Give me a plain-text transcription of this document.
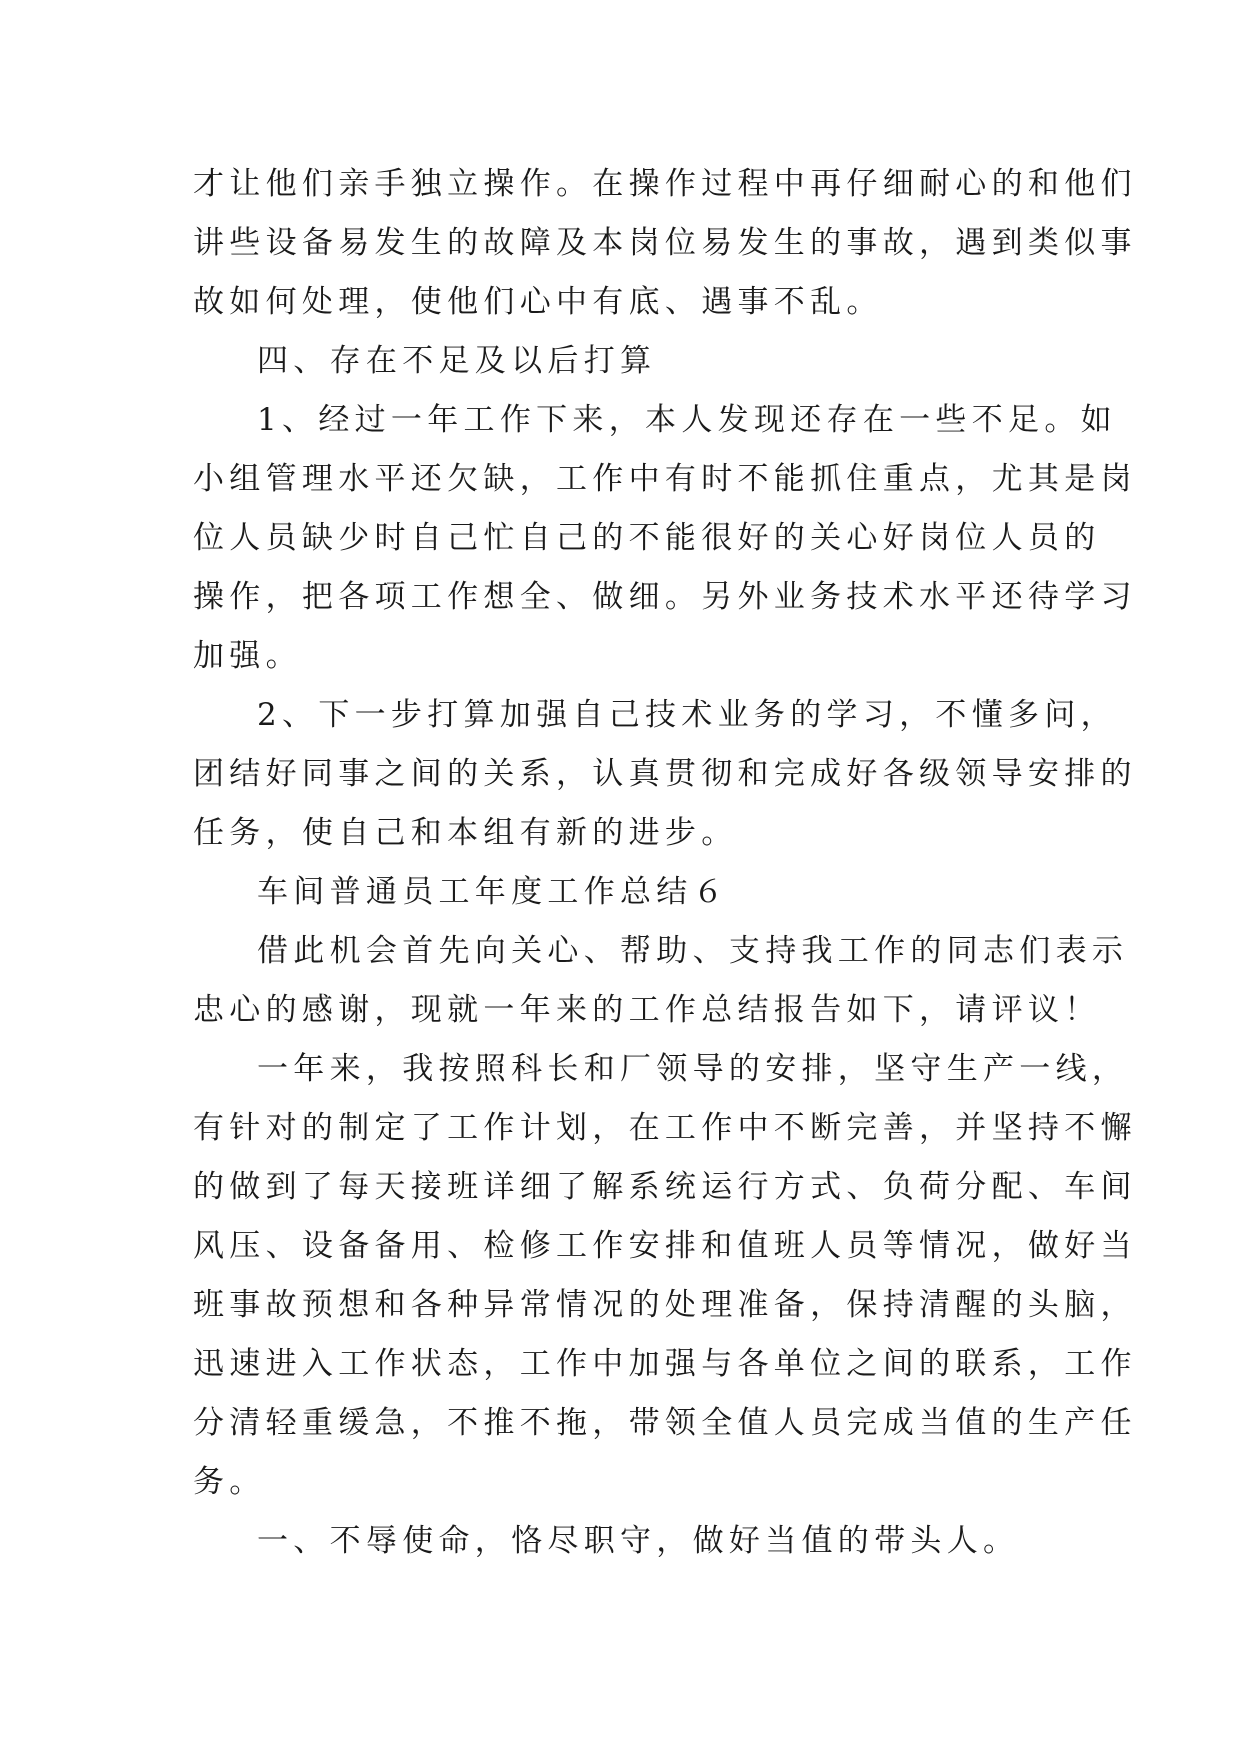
才让他们亲手独立操作。在操作过程中再仔细耐心的和他们
讲些设备易发生的故障及本岗位易发生的事故，遇到类似事
故如何处理，使他们心中有底、遇事不乱。
四、存在不足及以后打算
1、经过一年工作下来，本人发现还存在一些不足。如
小组管理水平还欠缺，工作中有时不能抓住重点，尤其是岗
位人员缺少时自己忙自己的不能很好的关心好岗位人员的
操作，把各项工作想全、做细。另外业务技术水平还待学习
加强。
2、下一步打算加强自己技术业务的学习，不懂多问，
团结好同事之间的关系，认真贯彻和完成好各级领导安排的
任务，使自己和本组有新的进步。
车间普通员工年度工作总结６
借此机会首先向关心、帮助、支持我工作的同志们表示
忠心的感谢，现就一年来的工作总结报告如下，请评议！
一年来，我按照科长和厂领导的安排，坚守生产一线，
有针对的制定了工作计划，在工作中不断完善，并坚持不懈
的做到了每天接班详细了解系统运行方式、负荷分配、车间
风压、设备备用、检修工作安排和值班人员等情况，做好当
班事故预想和各种异常情况的处理准备，保持清醒的头脑，
迅速进入工作状态，工作中加强与各单位之间的联系，工作
分清轻重缓急，不推不拖，带领全值人员完成当值的生产任
务。
一、不辱使命，恪尽职守，做好当值的带头人。
